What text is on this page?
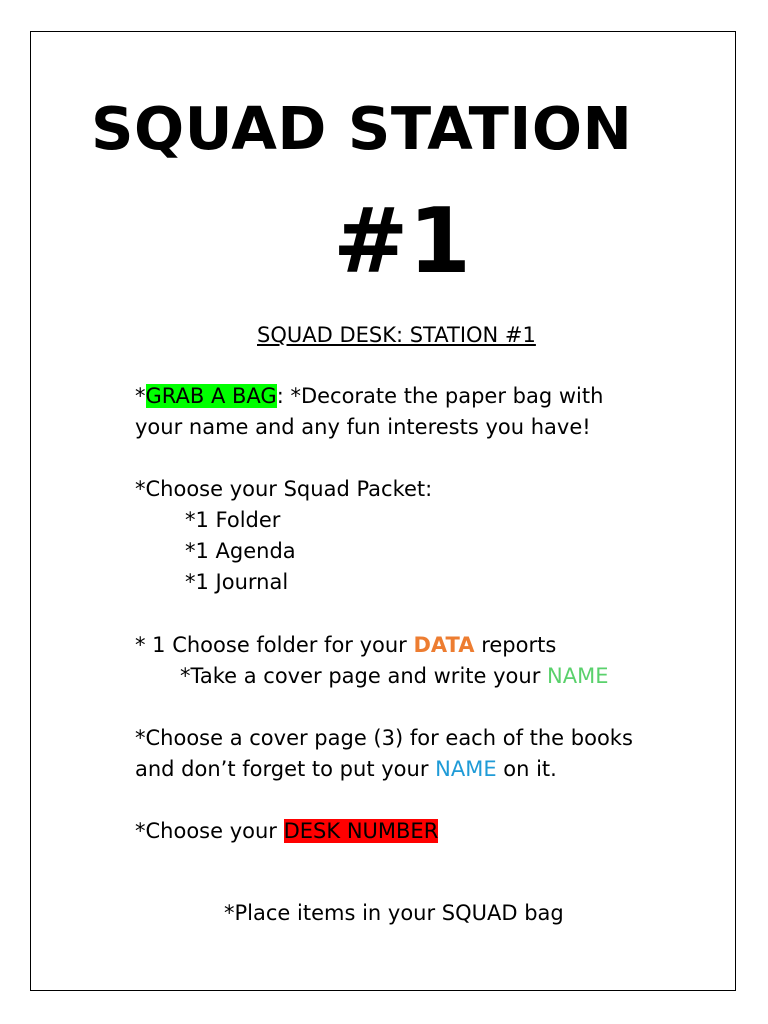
SQUAD STATION
#1
SQUAD DESK: STATION #1
*GRAB A BAG: *Decorate the paper bag with
your name and any fun interests you have!
*Choose your Squad Packet:
*1 Folder
*1 Agenda
*1 Journal
* 1 Choose folder for your DATA reports
*Take a cover page and write your NAME
*Choose a cover page (3) for each of the books
and don’t forget to put your NAME on it.
*Choose your DESK NUMBER
*Place items in your SQUAD bag
